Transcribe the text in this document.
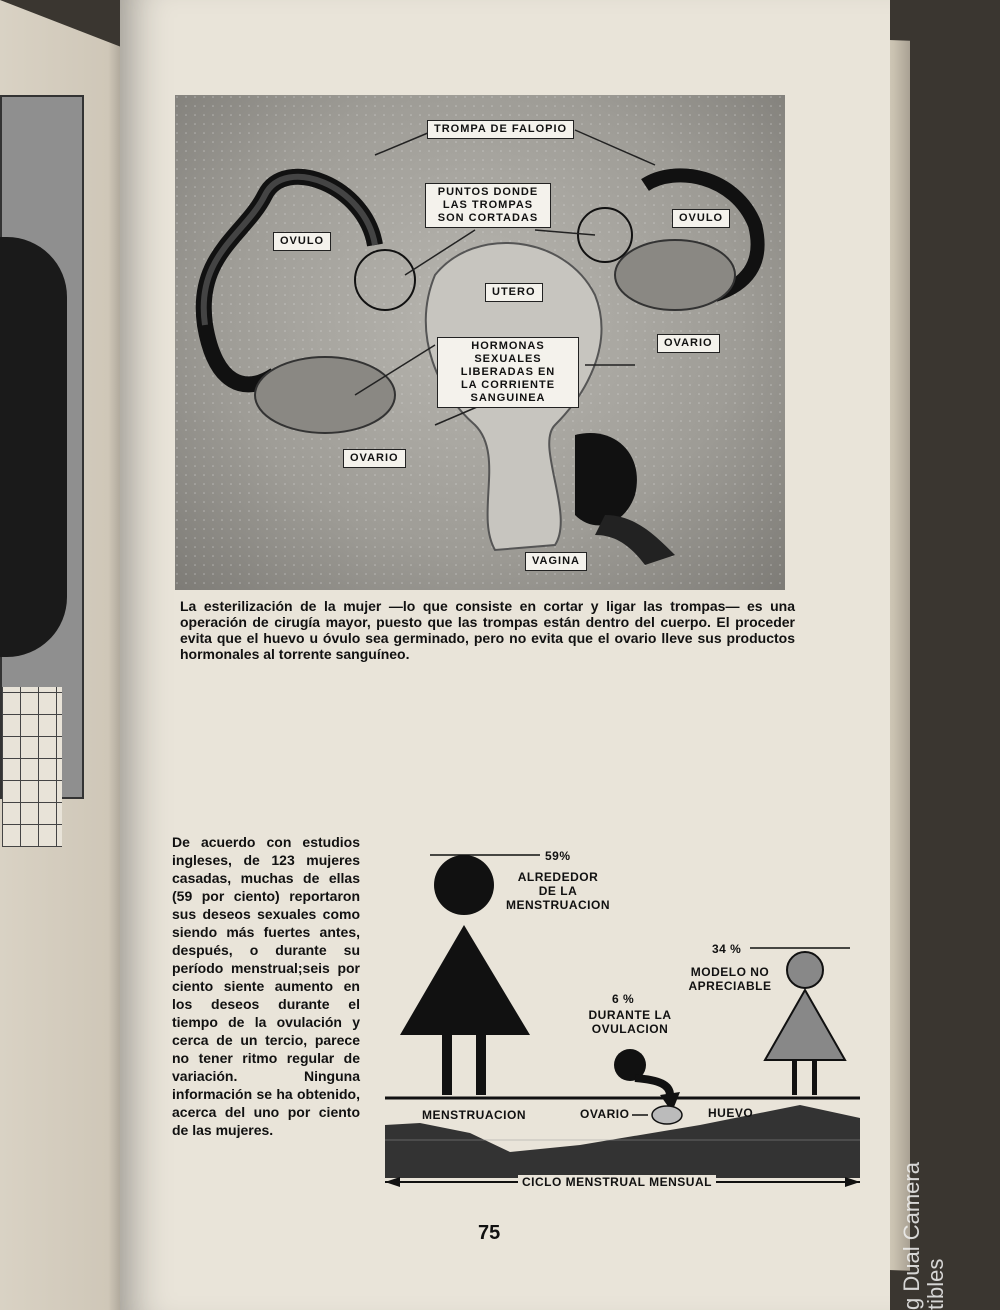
TROMPA DE FALOPIO
PUNTOS DONDE
LAS TROMPAS
SON CORTADAS
OVULO
OVULO
UTERO
HORMONAS SEXUALES
LIBERADAS EN
LA CORRIENTE
SANGUINEA
OVARIO
OVARIO
VAGINA
La esterilización de la mujer —lo que consiste en cortar y ligar las trompas— es una operación de cirugía mayor, puesto que las trompas están dentro del cuerpo. El proceder evita que el huevo u óvulo sea germinado, pero no evita que el ovario lleve sus productos hormonales al torrente sanguíneo.
De acuerdo con estudios ingleses, de 123 mujeres casadas, muchas de ellas (59 por ciento) reportaron sus deseos sexuales como siendo más fuertes antes, después, o durante su período menstrual;seis por ciento siente aumento en los deseos durante el tiempo de la ovulación y cerca de un tercio, parece no tener ritmo regular de variación. Ninguna información se ha obtenido, acerca del uno por ciento de las mujeres.
59%
ALREDEDOR
DE LA
MENSTRUACION
34 %
MODELO NO
APRECIABLE
6 %
DURANTE LA
OVULACION
MENSTRUACION	OVARIO	HUEVO
CICLO MENSTRUAL MENSUAL
75	g Dual Camera tibles
